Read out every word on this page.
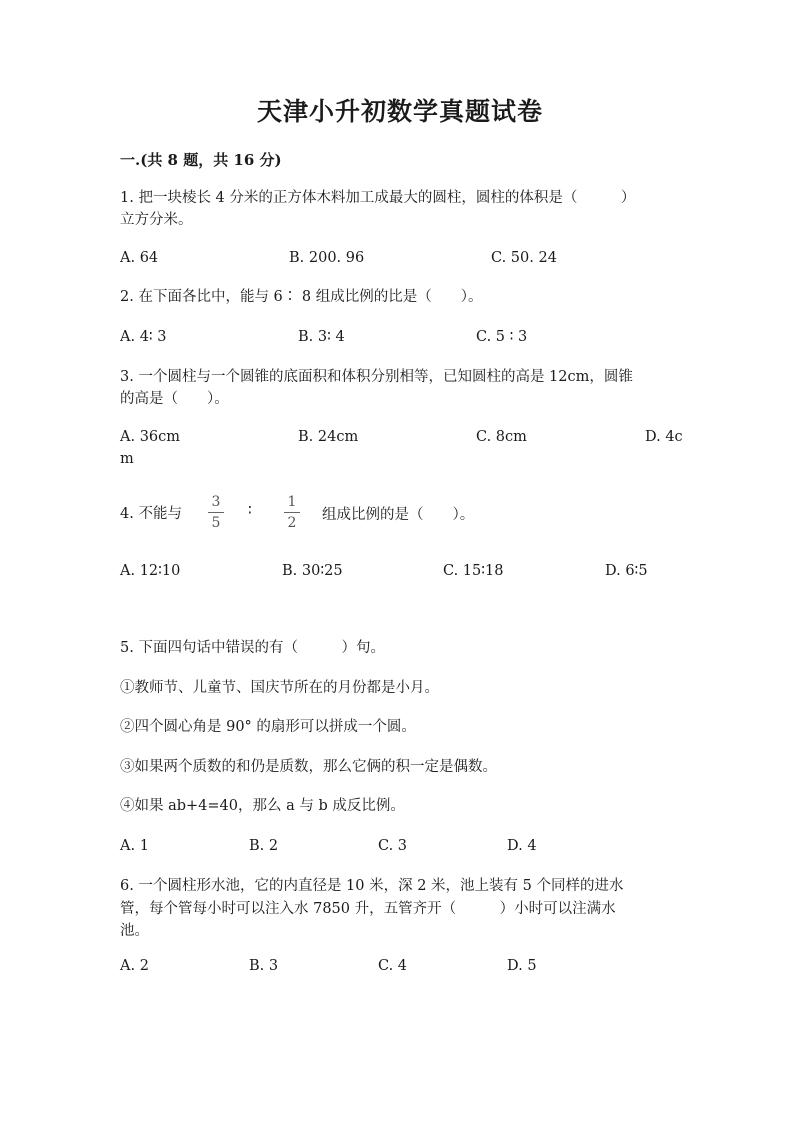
天津小升初数学真题试卷
一.(共 8 题，共 16 分)
1. 把一块棱长 4 分米的正方体木料加工成最大的圆柱，圆柱的体积是（　　　）
立方分米。
A. 64	B. 200. 96	C. 50. 24
2. 在下面各比中，能与 6∶ 8 组成比例的比是（　　）。
A. 4∶ 3	B. 3∶ 4	C. 5 ∶ 3
3. 一个圆柱与一个圆锥的底面积和体积分别相等，已知圆柱的高是 12cm，圆锥
的高是（　　）。
A. 36cm	B. 24cm	C. 8cm	D. 4c
m
4. 不能与
3
5
∶
1
2	组成比例的是（　　）。
A. 12∶10	B. 30∶25	C. 15∶18	D. 6∶5
5. 下面四句话中错误的有（　　　）句。
①教师节、儿童节、国庆节所在的月份都是小月。
②四个圆心角是 90° 的扇形可以拼成一个圆。
③如果两个质数的和仍是质数，那么它俩的积一定是偶数。
④如果 ab+4=40，那么 a 与 b 成反比例。
A. 1	B. 2	C. 3	D. 4
6. 一个圆柱形水池，它的内直径是 10 米，深 2 米，池上装有 5 个同样的进水
管，每个管每小时可以注入水 7850 升，五管齐开（　　　）小时可以注满水
池。
A. 2	B. 3	C. 4	D. 5
